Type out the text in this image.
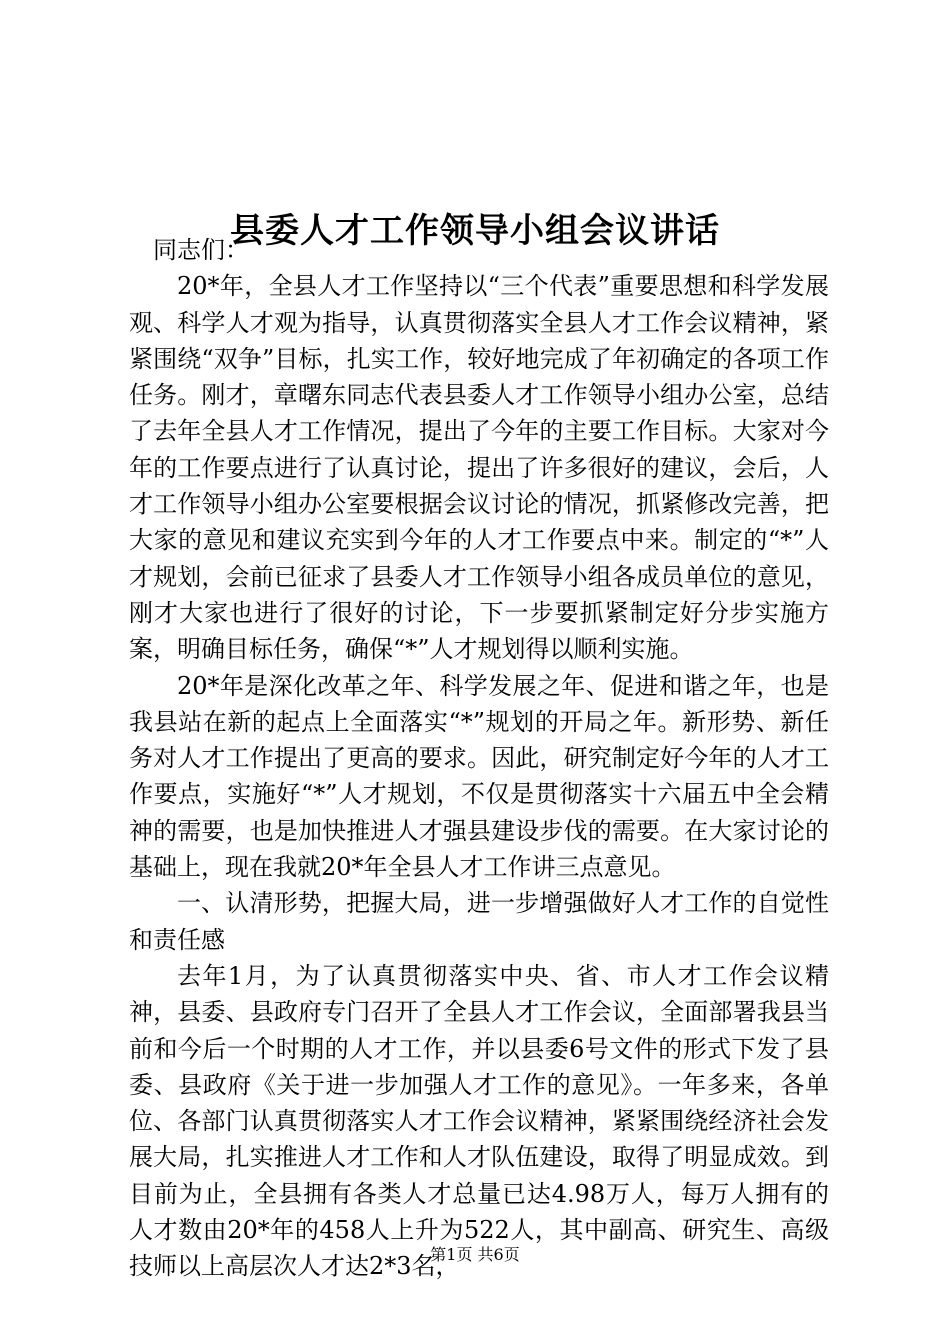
县委人才工作领导小组会议讲话

同志们：

20*年，全县人才工作坚持以“三个代表”重要思想和科学发展观、科学人才观为指导，认真贯彻落实全县人才工作会议精神，紧紧围绕“双争”目标，扎实工作，较好地完成了年初确定的各项工作任务。刚才，章曙东同志代表县委人才工作领导小组办公室，总结了去年全县人才工作情况，提出了今年的主要工作目标。大家对今年的工作要点进行了认真讨论，提出了许多很好的建议，会后，人才工作领导小组办公室要根据会议讨论的情况，抓紧修改完善，把大家的意见和建议充实到今年的人才工作要点中来。制定的“*”人才规划，会前已征求了县委人才工作领导小组各成员单位的意见，刚才大家也进行了很好的讨论，下一步要抓紧制定好分步实施方案，明确目标任务，确保“*”人才规划得以顺利实施。

20*年是深化改革之年、科学发展之年、促进和谐之年，也是我县站在新的起点上全面落实“*”规划的开局之年。新形势、新任务对人才工作提出了更高的要求。因此，研究制定好今年的人才工作要点，实施好“*”人才规划，不仅是贯彻落实十六届五中全会精神的需要，也是加快推进人才强县建设步伐的需要。在大家讨论的基础上，现在我就20*年全县人才工作讲三点意见。

一、认清形势，把握大局，进一步增强做好人才工作的自觉性和责任感

去年1月，为了认真贯彻落实中央、省、市人才工作会议精神，县委、县政府专门召开了全县人才工作会议，全面部署我县当前和今后一个时期的人才工作，并以县委6号文件的形式下发了县委、县政府《关于进一步加强人才工作的意见》。一年多来，各单位、各部门认真贯彻落实人才工作会议精神，紧紧围绕经济社会发展大局，扎实推进人才工作和人才队伍建设，取得了明显成效。到目前为止，全县拥有各类人才总量已达4.98万人，每万人拥有的人才数由20*年的458人上升为522人，其中副高、研究生、高级技师以上高层次人才达2*3名，

第1页 共6页
